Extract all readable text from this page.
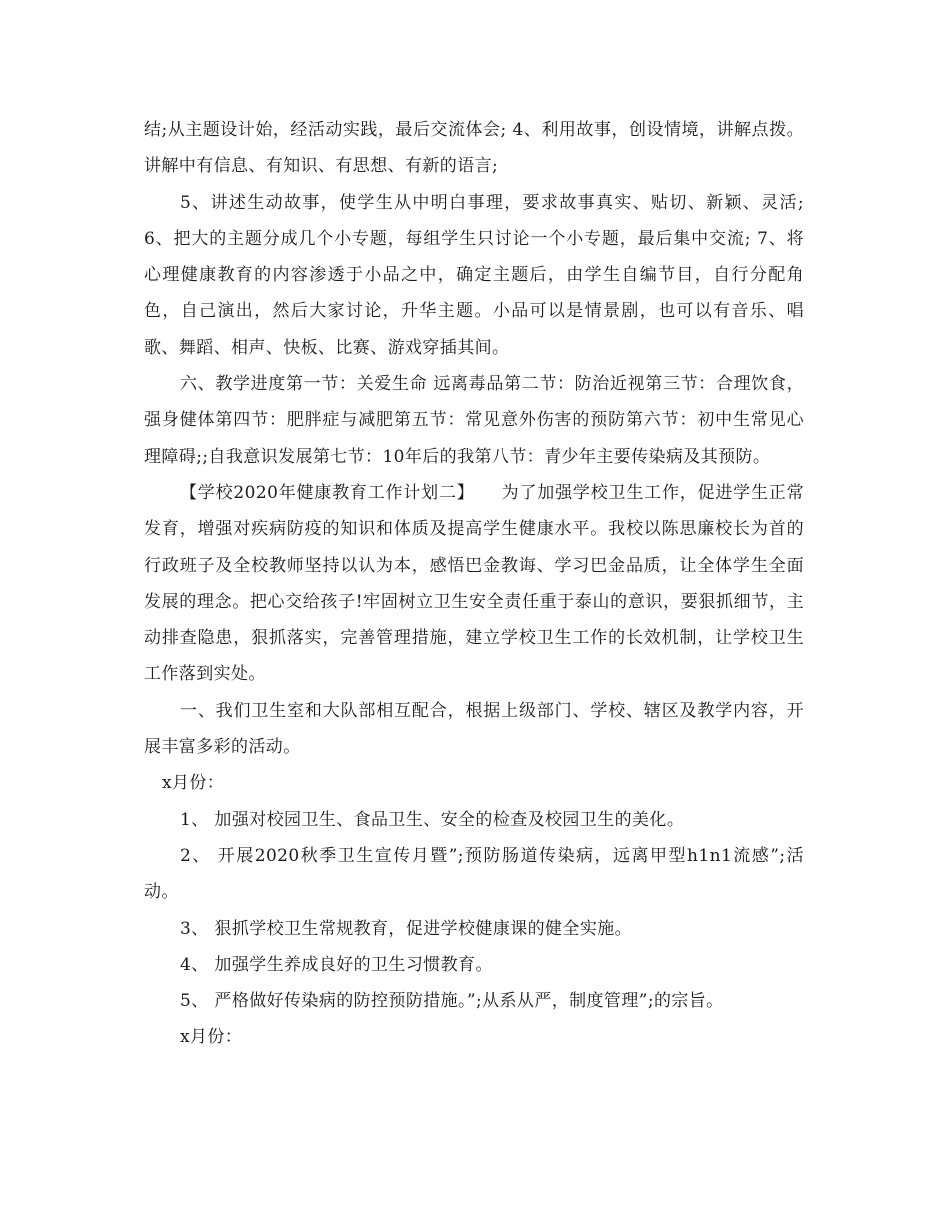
结;从主题设计始，经活动实践，最后交流体会; 4、利用故事，创设情境，讲解点拨。讲解中有信息、有知识、有思想、有新的语言;

5、讲述生动故事，使学生从中明白事理，要求故事真实、贴切、新颖、灵活; 6、把大的主题分成几个小专题，每组学生只讨论一个小专题，最后集中交流; 7、将心理健康教育的内容渗透于小品之中，确定主题后，由学生自编节目，自行分配角色，自己演出，然后大家讨论，升华主题。小品可以是情景剧，也可以有音乐、唱歌、舞蹈、相声、快板、比赛、游戏穿插其间。

六、教学进度第一节：关爱生命 远离毒品第二节：防治近视第三节：合理饮食，强身健体第四节：肥胖症与减肥第五节：常见意外伤害的预防第六节：初中生常见心理障碍;;自我意识发展第七节：10年后的我第八节：青少年主要传染病及其预防。

【学校2020年健康教育工作计划二】　　为了加强学校卫生工作，促进学生正常发育，增强对疾病防疫的知识和体质及提高学生健康水平。我校以陈思廉校长为首的行政班子及全校教师坚持以认为本，感悟巴金教诲、学习巴金品质，让全体学生全面发展的理念。把心交给孩子!牢固树立卫生安全责任重于泰山的意识，要狠抓细节，主动排查隐患，狠抓落实，完善管理措施，建立学校卫生工作的长效机制，让学校卫生工作落到实处。

一、我们卫生室和大队部相互配合，根据上级部门、学校、辖区及教学内容，开展丰富多彩的活动。

x月份：

1、 加强对校园卫生、食品卫生、安全的检查及校园卫生的美化。

2、 开展2020秋季卫生宣传月暨”;预防肠道传染病，远离甲型h1n1流感”;活动。

3、 狠抓学校卫生常规教育，促进学校健康课的健全实施。

4、 加强学生养成良好的卫生习惯教育。

5、 严格做好传染病的防控预防措施。”;从系从严，制度管理”;的宗旨。

x月份：
